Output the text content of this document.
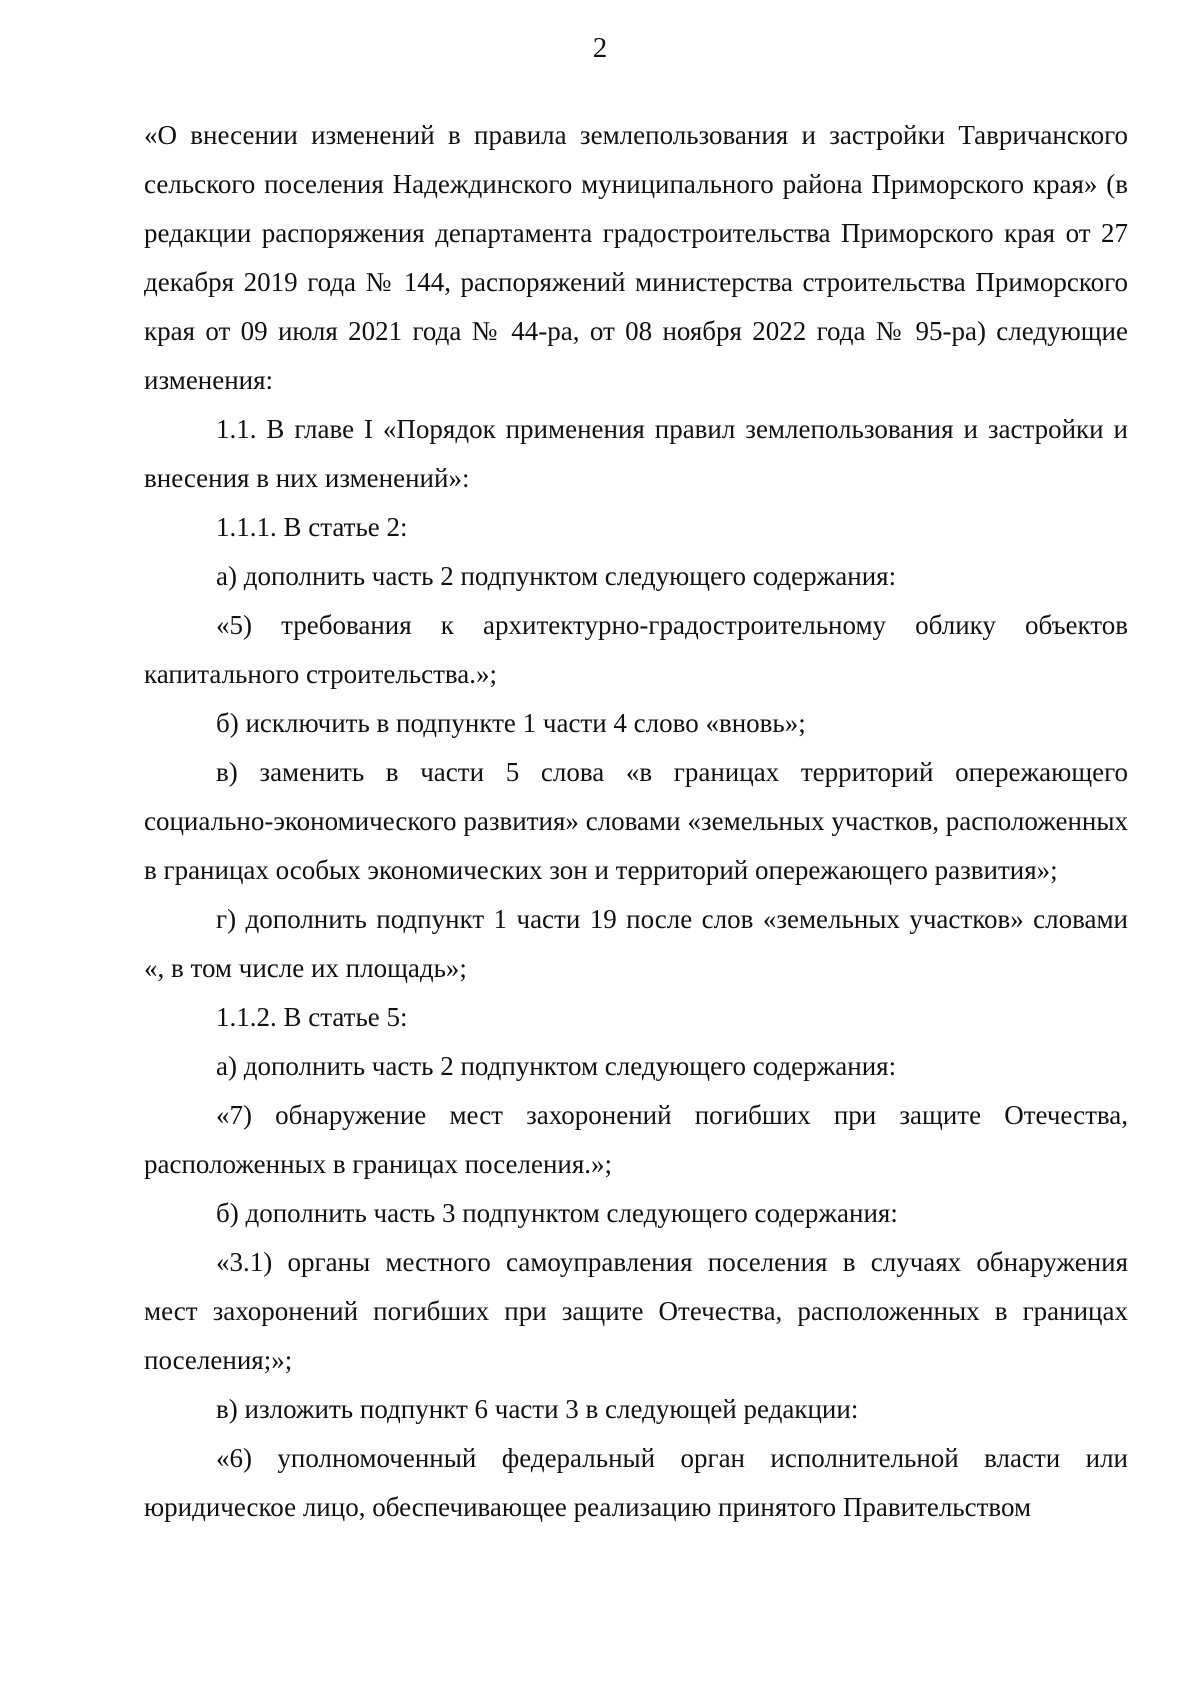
2

«О внесении изменений в правила землепользования и застройки Тавричанского сельского поселения Надеждинского муниципального района Приморского края» (в редакции распоряжения департамента градостроительства Приморского края от 27 декабря 2019 года № 144, распоряжений министерства строительства Приморского края от 09 июля 2021 года № 44-ра, от 08 ноября 2022 года № 95-ра) следующие изменения:

1.1. В главе I «Порядок применения правил землепользования и застройки и внесения в них изменений»:

1.1.1. В статье 2:

а) дополнить часть 2 подпунктом следующего содержания:

«5) требования к архитектурно-градостроительному облику объектов капитального строительства.»;

б) исключить в подпункте 1 части 4 слово «вновь»;

в) заменить в части 5 слова «в границах территорий опережающего социально-экономического развития» словами «земельных участков, расположенных в границах особых экономических зон и территорий опережающего развития»;

г) дополнить подпункт 1 части 19 после слов «земельных участков» словами «, в том числе их площадь»;

1.1.2. В статье 5:

а) дополнить часть 2 подпунктом следующего содержания:

«7) обнаружение мест захоронений погибших при защите Отечества, расположенных в границах поселения.»;

б) дополнить часть 3 подпунктом следующего содержания:

«3.1) органы местного самоуправления поселения в случаях обнаружения мест захоронений погибших при защите Отечества, расположенных в границах поселения;»;

в) изложить подпункт 6 части 3 в следующей редакции:

«6) уполномоченный федеральный орган исполнительной власти или юридическое лицо, обеспечивающее реализацию принятого Правительством
